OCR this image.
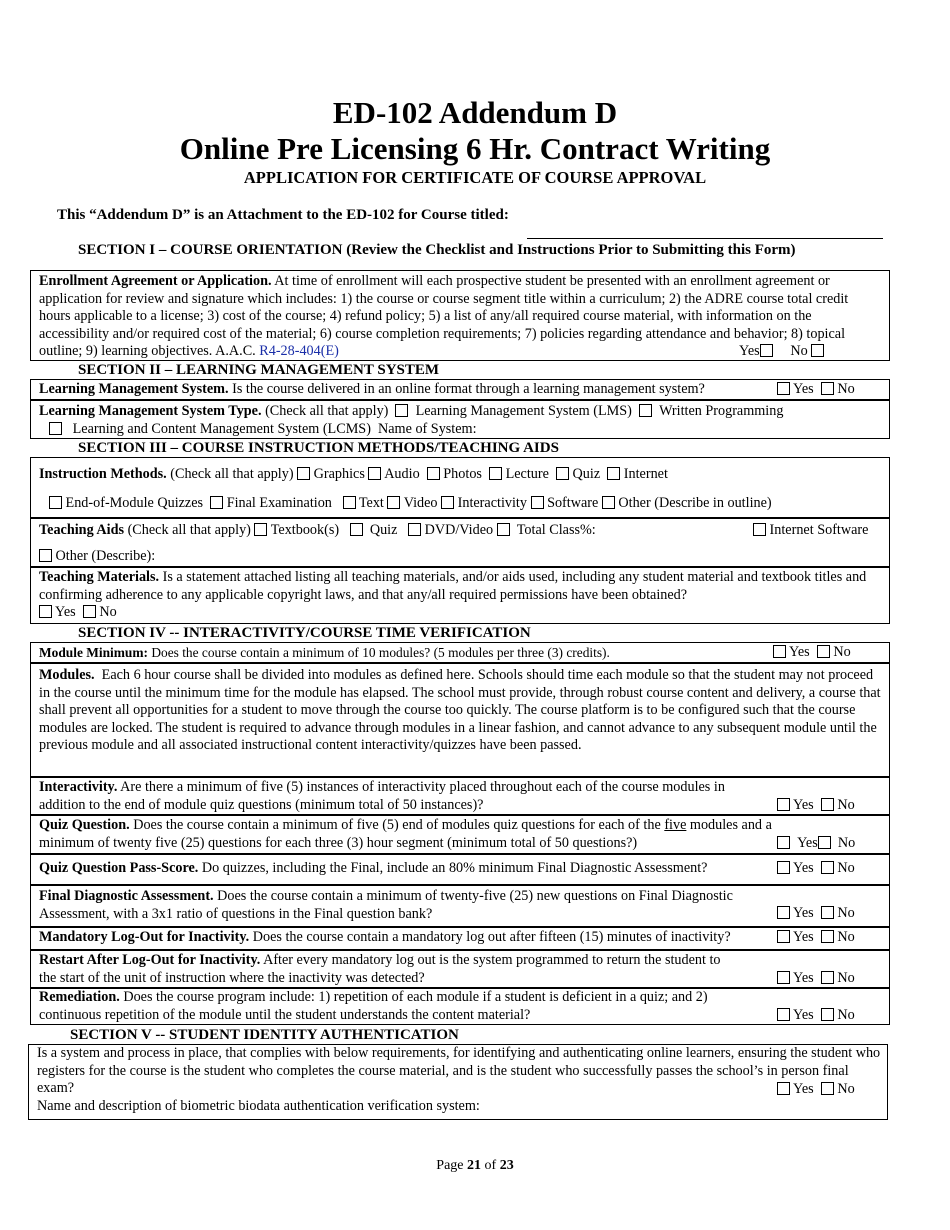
ED-102 Addendum D
Online Pre Licensing 6 Hr. Contract Writing
APPLICATION FOR CERTIFICATE OF COURSE APPROVAL
This “Addendum D” is an Attachment to the ED-102 for Course titled:
SECTION I – COURSE ORIENTATION (Review the Checklist and Instructions Prior to Submitting this Form)
Enrollment Agreement or Application. At time of enrollment will each prospective student be presented with an enrollment agreement or application for review and signature which includes: 1) the course or course segment title within a curriculum; 2) the ADRE course total credit hours applicable to a license; 3) cost of the course; 4) refund policy; 5) a list of any/all required course material, with information on the accessibility and/or required cost of the material; 6) course completion requirements; 7) policies regarding attendance and behavior; 8) topical outline; 9) learning objectives. A.A.C. R4-28-404(E)	Yes No
SECTION II – LEARNING MANAGEMENT SYSTEM
Learning Management System. Is the course delivered in an online format through a learning management system?	Yes No
Learning Management System Type. (Check all that apply) Learning Management System (LMS) Written Programming
Learning and Content Management System (LCMS) Name of System:
SECTION III – COURSE INSTRUCTION METHODS/TEACHING AIDS
Instruction Methods. (Check all that apply) Graphics Audio Photos Lecture Quiz Internet
End-of-Module Quizzes Final Examination Text Video Interactivity Software Other (Describe in outline)
Teaching Aids (Check all that apply) Textbook(s) Quiz DVD/Video Total Class%:	Internet Software
Other (Describe):
Teaching Materials. Is a statement attached listing all teaching materials, and/or aids used, including any student material and textbook titles and confirming adherence to any applicable copyright laws, and that any/all required permissions have been obtained?
Yes No
SECTION IV -- INTERACTIVITY/COURSE TIME VERIFICATION
Module Minimum: Does the course contain a minimum of 10 modules? (5 modules per three (3) credits).	Yes No
Modules. Each 6 hour course shall be divided into modules as defined here. Schools should time each module so that the student may not proceed in the course until the minimum time for the module has elapsed. The school must provide, through robust course content and delivery, a course that shall prevent all opportunities for a student to move through the course too quickly. The course platform is to be configured such that the course modules are locked. The student is required to advance through modules in a linear fashion, and cannot advance to any subsequent module until the previous module and all associated instructional content interactivity/quizzes have been passed.
Interactivity. Are there a minimum of five (5) instances of interactivity placed throughout each of the course modules in addition to the end of module quiz questions (minimum total of 50 instances)?	Yes No
Quiz Question. Does the course contain a minimum of five (5) end of modules quiz questions for each of the five modules and a minimum of twenty five (25) questions for each three (3) hour segment (minimum total of 50 questions?)	Yes No
Quiz Question Pass-Score. Do quizzes, including the Final, include an 80% minimum Final Diagnostic Assessment?	Yes No
Final Diagnostic Assessment. Does the course contain a minimum of twenty-five (25) new questions on Final Diagnostic Assessment, with a 3x1 ratio of questions in the Final question bank?	Yes No
Mandatory Log-Out for Inactivity. Does the course contain a mandatory log out after fifteen (15) minutes of inactivity?	Yes No
Restart After Log-Out for Inactivity. After every mandatory log out is the system programmed to return the student to the start of the unit of instruction where the inactivity was detected?	Yes No
Remediation. Does the course program include: 1) repetition of each module if a student is deficient in a quiz; and 2) continuous repetition of the module until the student understands the content material?	Yes No
SECTION V -- STUDENT IDENTITY AUTHENTICATION
Is a system and process in place, that complies with below requirements, for identifying and authenticating online learners, ensuring the student who registers for the course is the student who completes the course material, and is the student who successfully passes the school’s in person final exam?	Yes No
Name and description of biometric biodata authentication verification system:
Page 21 of 23
